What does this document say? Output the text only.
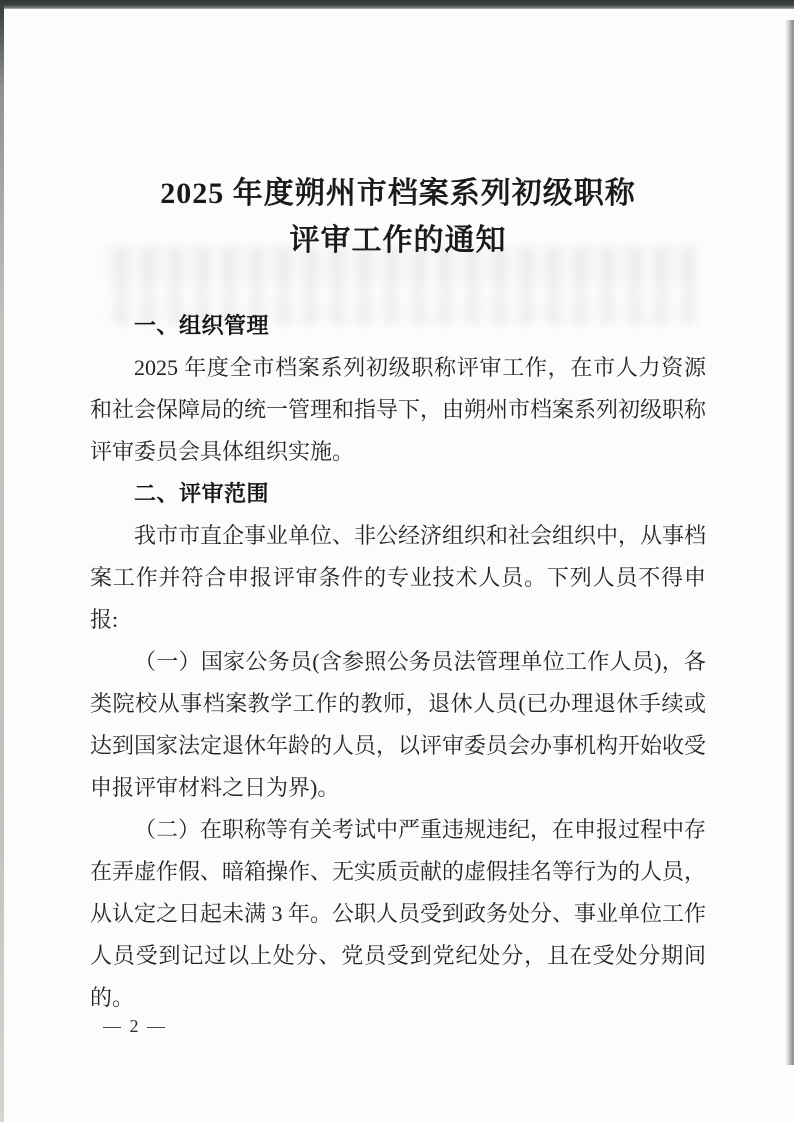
2025 年度朔州市档案系列初级职称
评审工作的通知
一、组织管理

2025 年度全市档案系列初级职称评审工作，在市人力资源和社会保障局的统一管理和指导下，由朔州市档案系列初级职称评审委员会具体组织实施。

二、评审范围

我市市直企事业单位、非公经济组织和社会组织中，从事档案工作并符合申报评审条件的专业技术人员。下列人员不得申报:

（一）国家公务员(含参照公务员法管理单位工作人员)，各类院校从事档案教学工作的教师，退休人员(已办理退休手续或达到国家法定退休年龄的人员，以评审委员会办事机构开始收受申报评审材料之日为界)。

（二）在职称等有关考试中严重违规违纪，在申报过程中存在弄虚作假、暗箱操作、无实质贡献的虚假挂名等行为的人员，从认定之日起未满 3 年。公职人员受到政务处分、事业单位工作人员受到记过以上处分、党员受到党纪处分，且在受处分期间的。

— 2 —
